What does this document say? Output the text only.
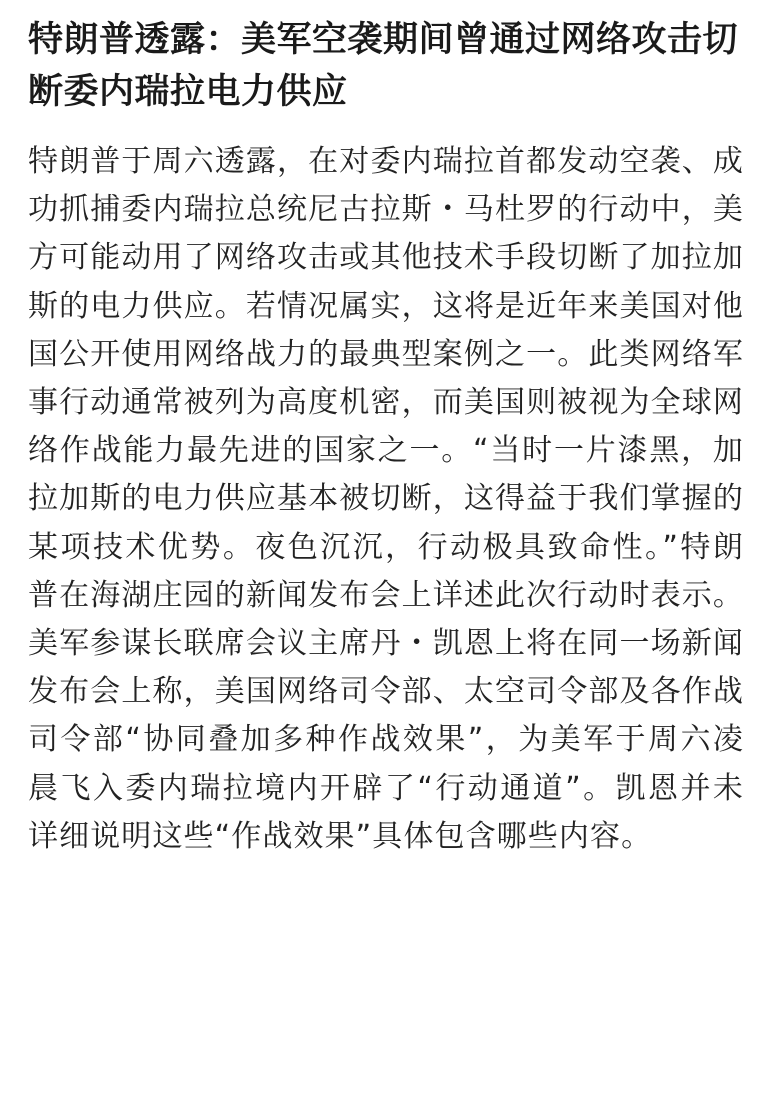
特朗普透露：美军空袭期间曾通过网络攻击切断委内瑞拉电力供应

特朗普于周六透露，在对委内瑞拉首都发动空袭、成功抓捕委内瑞拉总统尼古拉斯・马杜罗的行动中，美方可能动用了网络攻击或其他技术手段切断了加拉加斯的电力供应。若情况属实，这将是近年来美国对他国公开使用网络战力的最典型案例之一。此类网络军事行动通常被列为高度机密，而美国则被视为全球网络作战能力最先进的国家之一。“当时一片漆黑，加拉加斯的电力供应基本被切断，这得益于我们掌握的某项技术优势。夜色沉沉，行动极具致命性。”特朗普在海湖庄园的新闻发布会上详述此次行动时表示。美军参谋长联席会议主席丹・凯恩上将在同一场新闻发布会上称，美国网络司令部、太空司令部及各作战司令部“协同叠加多种作战效果”，为美军于周六凌晨飞入委内瑞拉境内开辟了“行动通道”。凯恩并未详细说明这些“作战效果”具体包含哪些内容。
